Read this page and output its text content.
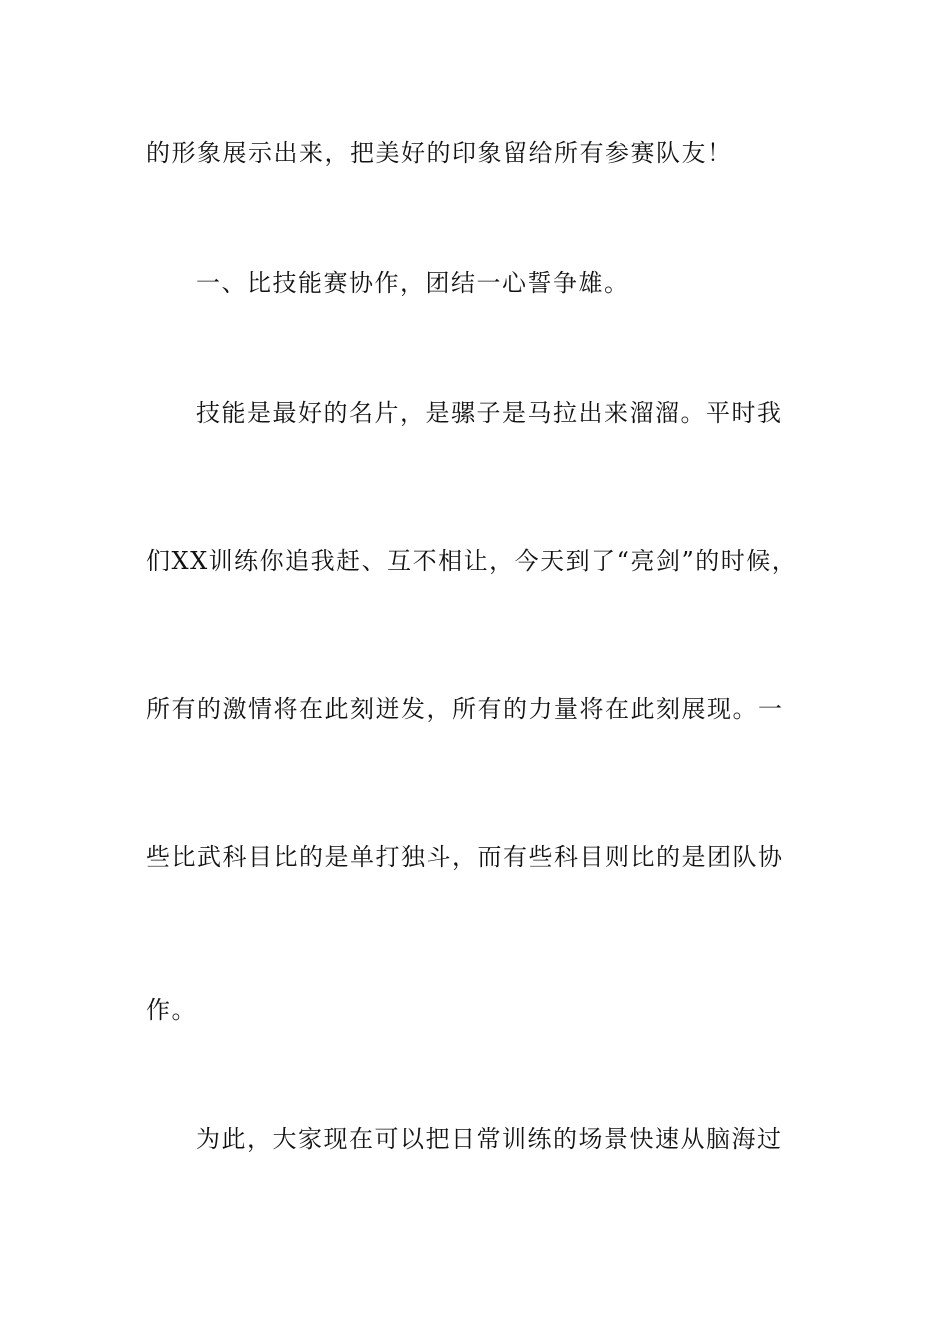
的形象展示出来，把美好的印象留给所有参赛队友！

一、比技能赛协作，团结一心誓争雄。

技能是最好的名片，是骡子是马拉出来溜溜。平时我

们XX训练你追我赶、互不相让，今天到了“亮剑”的时候，

所有的激情将在此刻迸发，所有的力量将在此刻展现。一

些比武科目比的是单打独斗，而有些科目则比的是团队协

作。

为此，大家现在可以把日常训练的场景快速从脑海过
